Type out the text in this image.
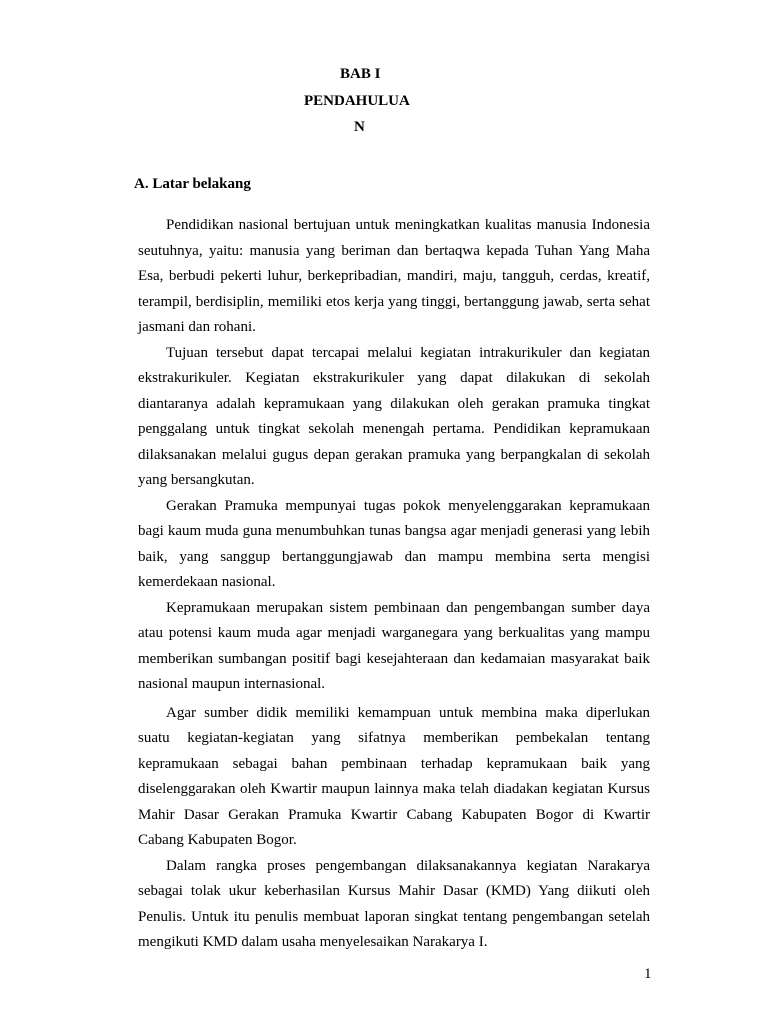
BAB I
PENDAHULUA
N
A. Latar belakang

Pendidikan nasional bertujuan untuk meningkatkan kualitas manusia Indonesia seutuhnya, yaitu: manusia yang beriman dan bertaqwa kepada Tuhan Yang Maha Esa, berbudi pekerti luhur, berkepribadian, mandiri, maju, tangguh, cerdas, kreatif, terampil, berdisiplin, memiliki etos kerja yang tinggi, bertanggung jawab, serta sehat jasmani dan rohani.

Tujuan tersebut dapat tercapai melalui kegiatan intrakurikuler dan kegiatan ekstrakurikuler. Kegiatan ekstrakurikuler yang dapat dilakukan di sekolah diantaranya adalah kepramukaan yang dilakukan oleh gerakan pramuka tingkat penggalang untuk tingkat sekolah menengah pertama. Pendidikan kepramukaan dilaksanakan melalui gugus depan gerakan pramuka yang berpangkalan di sekolah yang bersangkutan.

Gerakan Pramuka mempunyai tugas pokok menyelenggarakan kepramukaan bagi kaum muda guna menumbuhkan tunas bangsa agar menjadi generasi yang lebih baik, yang sanggup bertanggungjawab dan mampu membina serta mengisi kemerdekaan nasional.

Kepramukaan merupakan sistem pembinaan dan pengembangan sumber daya atau potensi kaum muda agar menjadi warganegara yang berkualitas yang mampu memberikan sumbangan positif bagi kesejahteraan dan kedamaian masyarakat baik nasional maupun internasional.

Agar sumber didik memiliki kemampuan untuk membina maka diperlukan suatu kegiatan-kegiatan yang sifatnya memberikan pembekalan tentang kepramukaan sebagai bahan pembinaan terhadap kepramukaan baik yang diselenggarakan oleh Kwartir maupun lainnya maka telah diadakan kegiatan Kursus Mahir Dasar Gerakan Pramuka Kwartir Cabang Kabupaten Bogor di Kwartir Cabang Kabupaten Bogor.

Dalam rangka proses pengembangan dilaksanakannya kegiatan Narakarya sebagai tolak ukur keberhasilan Kursus Mahir Dasar (KMD) Yang diikuti oleh Penulis. Untuk itu penulis membuat laporan singkat tentang pengembangan setelah mengikuti KMD dalam usaha menyelesaikan Narakarya I.

1
